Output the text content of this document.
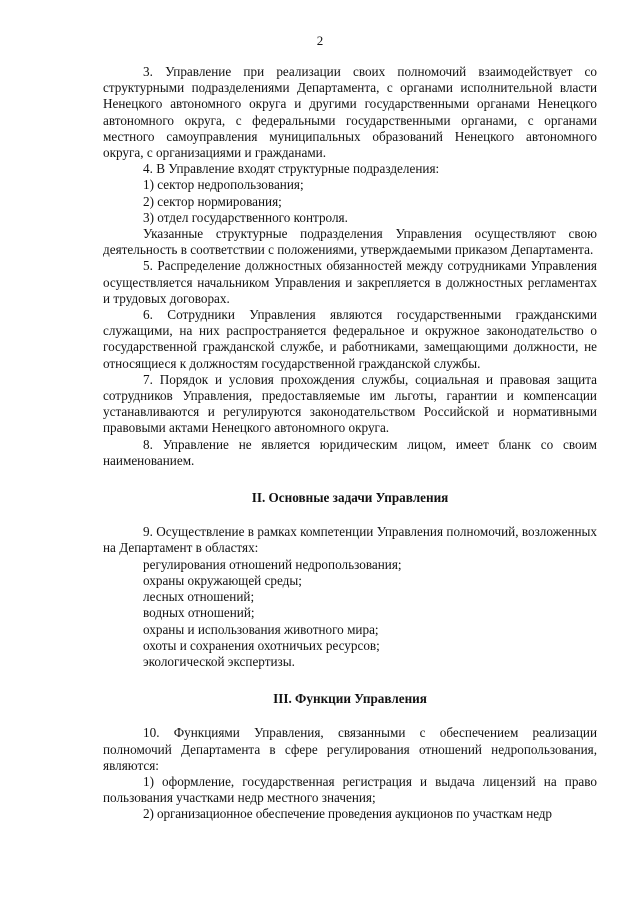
2

3. Управление при реализации своих полномочий взаимодействует со структурными подразделениями Департамента, с органами исполнительной власти Ненецкого автономного округа и другими государственными органами Ненецкого автономного округа, с федеральными государственными органами, с органами местного самоуправления муниципальных образований Ненецкого автономного округа, с организациями и гражданами.

4. В Управление входят структурные подразделения:

1) сектор недропользования;

2) сектор нормирования;

3) отдел государственного контроля.

Указанные структурные подразделения Управления осуществляют свою деятельность в соответствии с положениями, утверждаемыми приказом Департамента.

5. Распределение должностных обязанностей между сотрудниками Управления осуществляется начальником Управления и закрепляется в должностных регламентах и трудовых договорах.

6. Сотрудники Управления являются государственными гражданскими служащими, на них распространяется федеральное и окружное законодательство о государственной гражданской службе, и работниками, замещающими должности, не относящиеся к должностям государственной гражданской службы.

7. Порядок и условия прохождения службы, социальная и правовая защита сотрудников Управления, предоставляемые им льготы, гарантии и компенсации устанавливаются и регулируются законодательством Российской и нормативными правовыми актами Ненецкого автономного округа.

8. Управление не является юридическим лицом, имеет бланк со своим наименованием.

II. Основные задачи Управления

9. Осуществление в рамках компетенции Управления полномочий, возложенных на Департамент в областях:

регулирования отношений недропользования;

охраны окружающей среды;

лесных отношений;

водных отношений;

охраны и использования животного мира;

охоты и сохранения охотничьих ресурсов;

экологической экспертизы.

III. Функции Управления

10. Функциями Управления, связанными с обеспечением реализации полномочий Департамента в сфере регулирования отношений недропользования, являются:

1) оформление, государственная регистрация и выдача лицензий на право пользования участками недр местного значения;

2) организационное обеспечение проведения аукционов по участкам недр
